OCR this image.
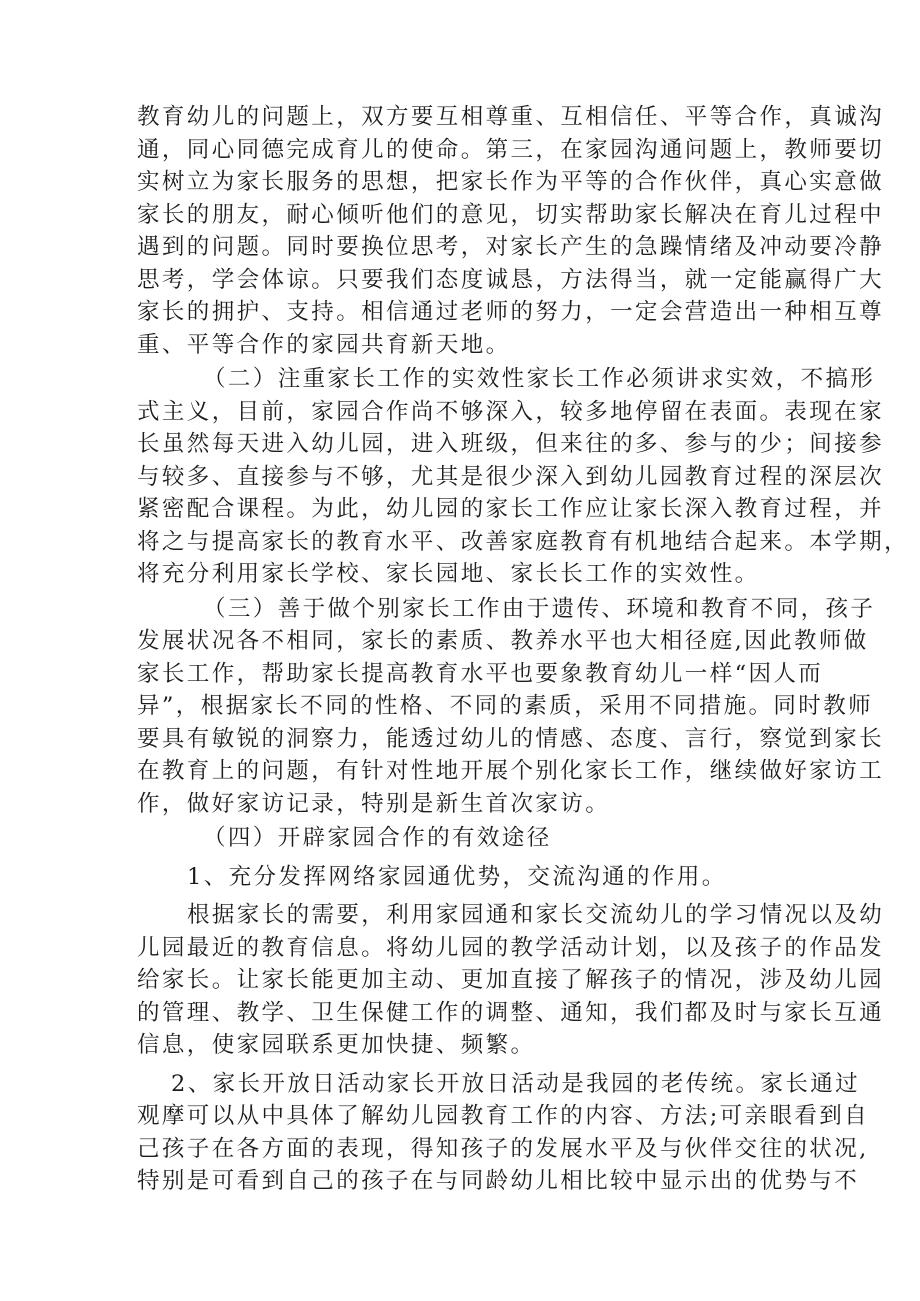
教育幼儿的问题上，双方要互相尊重、互相信任、平等合作，真诚沟
通，同心同德完成育儿的使命。第三，在家园沟通问题上，教师要切
实树立为家长服务的思想，把家长作为平等的合作伙伴，真心实意做
家长的朋友，耐心倾听他们的意见，切实帮助家长解决在育儿过程中
遇到的问题。同时要换位思考，对家长产生的急躁情绪及冲动要冷静
思考，学会体谅。只要我们态度诚恳，方法得当，就一定能赢得广大
家长的拥护、支持。相信通过老师的努力，一定会营造出一种相互尊
重、平等合作的家园共育新天地。
（二）注重家长工作的实效性家长工作必须讲求实效，不搞形
式主义，目前，家园合作尚不够深入，较多地停留在表面。表现在家
长虽然每天进入幼儿园，进入班级，但来往的多、参与的少；间接参
与较多、直接参与不够，尤其是很少深入到幼儿园教育过程的深层次
紧密配合课程。为此，幼儿园的家长工作应让家长深入教育过程，并
将之与提高家长的教育水平、改善家庭教育有机地结合起来。本学期，
将充分利用家长学校、家长园地、家长长工作的实效性。
（三）善于做个别家长工作由于遗传、环境和教育不同，孩子
发展状况各不相同，家长的素质、教养水平也大相径庭,因此教师做
家长工作，帮助家长提高教育水平也要象教育幼儿一样“因人而
异”，根据家长不同的性格、不同的素质，采用不同措施。同时教师
要具有敏锐的洞察力，能透过幼儿的情感、态度、言行，察觉到家长
在教育上的问题，有针对性地开展个别化家长工作，继续做好家访工
作，做好家访记录，特别是新生首次家访。
（四）开辟家园合作的有效途径
1、充分发挥网络家园通优势，交流沟通的作用。
根据家长的需要，利用家园通和家长交流幼儿的学习情况以及幼
儿园最近的教育信息。将幼儿园的教学活动计划，以及孩子的作品发
给家长。让家长能更加主动、更加直接了解孩子的情况，涉及幼儿园
的管理、教学、卫生保健工作的调整、通知，我们都及时与家长互通
信息，使家园联系更加快捷、频繁。
2、家长开放日活动家长开放日活动是我园的老传统。家长通过
观摩可以从中具体了解幼儿园教育工作的内容、方法;可亲眼看到自
己孩子在各方面的表现，得知孩子的发展水平及与伙伴交往的状况,
特别是可看到自己的孩子在与同龄幼儿相比较中显示出的优势与不
